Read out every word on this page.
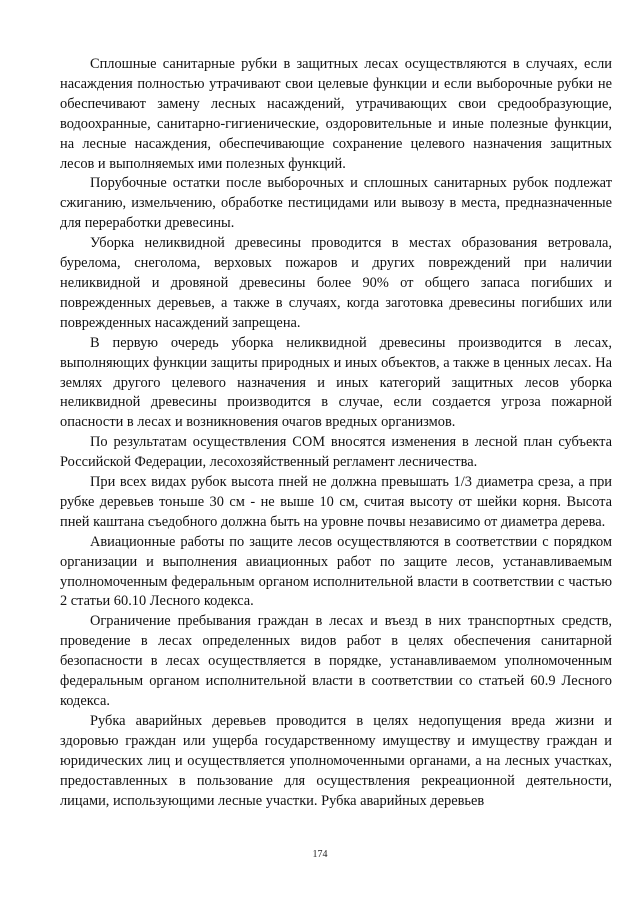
Сплошные санитарные рубки в защитных лесах осуществляются в случаях, если насаждения полностью утрачивают свои целевые функции и если выборочные рубки не обеспечивают замену лесных насаждений, утрачивающих свои средообразующие, водоохранные, санитарно-гигиенические, оздоровительные и иные полезные функции, на лесные насаждения, обеспечивающие сохранение целевого назначения защитных лесов и выполняемых ими полезных функций.

Порубочные остатки после выборочных и сплошных санитарных рубок подлежат сжиганию, измельчению, обработке пестицидами или вывозу в места, предназначенные для переработки древесины.

Уборка неликвидной древесины проводится в местах образования ветровала, бурелома, снеголома, верховых пожаров и других повреждений при наличии неликвидной и дровяной древесины более 90% от общего запаса погибших и поврежденных деревьев, а также в случаях, когда заготовка древесины погибших или поврежденных насаждений запрещена.

В первую очередь уборка неликвидной древесины производится в лесах, выполняющих функции защиты природных и иных объектов, а также в ценных лесах. На землях другого целевого назначения и иных категорий защитных лесов уборка неликвидной древесины производится в случае, если создается угроза пожарной опасности в лесах и возникновения очагов вредных организмов.

По результатам осуществления СОМ вносятся изменения в лесной план субъекта Российской Федерации, лесохозяйственный регламент лесничества.

При всех видах рубок высота пней не должна превышать 1/3 диаметра среза, а при рубке деревьев тоньше 30 см - не выше 10 см, считая высоту от шейки корня. Высота пней каштана съедобного должна быть на уровне почвы независимо от диаметра дерева.

Авиационные работы по защите лесов осуществляются в соответствии с порядком организации и выполнения авиационных работ по защите лесов, устанавливаемым уполномоченным федеральным органом исполнительной власти в соответствии с частью 2 статьи 60.10 Лесного кодекса.

Ограничение пребывания граждан в лесах и въезд в них транспортных средств, проведение в лесах определенных видов работ в целях обеспечения санитарной безопасности в лесах осуществляется в порядке, устанавливаемом уполномоченным федеральным органом исполнительной власти в соответствии со статьей 60.9 Лесного кодекса.

Рубка аварийных деревьев проводится в целях недопущения вреда жизни и здоровью граждан или ущерба государственному имуществу и имуществу граждан и юридических лиц и осуществляется уполномоченными органами, а на лесных участках, предоставленных в пользование для осуществления рекреационной деятельности, лицами, использующими лесные участки. Рубка аварийных деревьев

174
